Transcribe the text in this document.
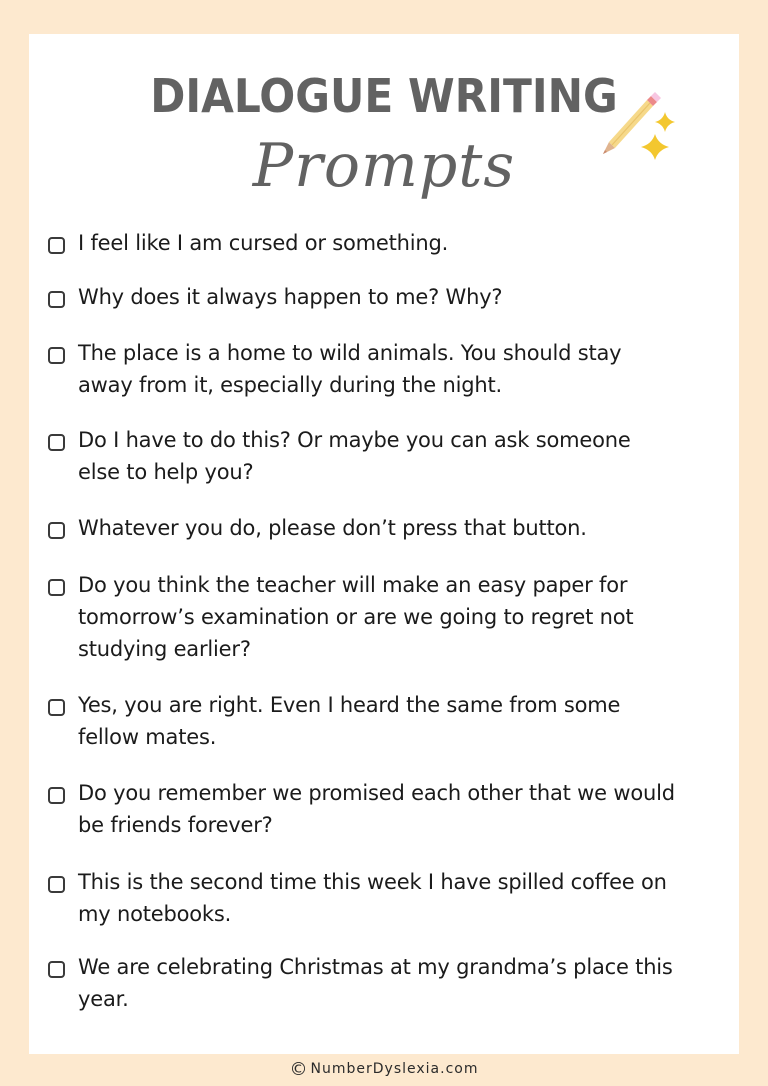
DIALOGUE WRITING
Prompts
I feel like I am cursed or something.
Why does it always happen to me? Why?
The place is a home to wild animals. You should stay away from it, especially during the night.
Do I have to do this? Or maybe you can ask someone else to help you?
Whatever you do, please don’t press that button.
Do you think the teacher will make an easy paper for tomorrow’s examination or are we going to regret not studying earlier?
Yes, you are right. Even I heard the same from some fellow mates.
Do you remember we promised each other that we would be friends forever?
This is the second time this week I have spilled coffee on my notebooks.
We are celebrating Christmas at my grandma’s place this year.
© NumberDyslexia.com
